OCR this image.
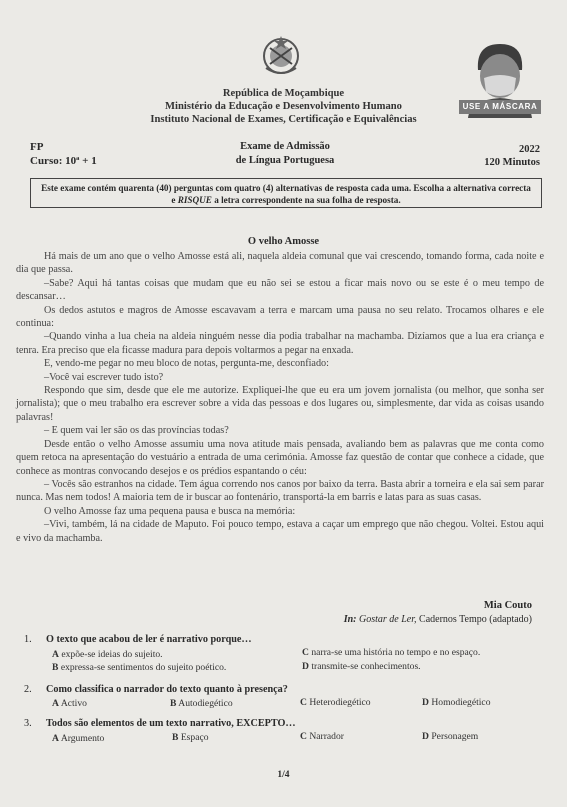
USE A MÁSCARA
República de Moçambique
Ministério da Educação e Desenvolvimento Humano
Instituto Nacional de Exames, Certificação e Equivalências
FP
Curso: 10ª + 1
Exame de Admissão
de Língua Portuguesa
2022
120 Minutos
Este exame contém quarenta (40) perguntas com quatro (4) alternativas de resposta cada uma. Escolha a alternativa correcta e RISQUE a letra correspondente na sua folha de resposta.
O velho Amosse

Há mais de um ano que o velho Amosse está ali, naquela aldeia comunal que vai crescendo, tomando forma, cada noite e dia que passa.

–Sabe? Aqui há tantas coisas que mudam que eu não sei se estou a ficar mais novo ou se este é o meu tempo de descansar…

Os dedos astutos e magros de Amosse escavavam a terra e marcam uma pausa no seu relato. Trocamos olhares e ele continua:

–Quando vinha a lua cheia na aldeia ninguém nesse dia podia trabalhar na machamba. Dizíamos que a lua era criança e tenra. Era preciso que ela ficasse madura para depois voltarmos a pegar na enxada.

E, vendo-me pegar no meu bloco de notas, pergunta-me, desconfiado:

–Você vai escrever tudo isto?

Respondo que sim, desde que ele me autorize. Expliquei-lhe que eu era um jovem jornalista (ou melhor, que sonha ser jornalista); que o meu trabalho era escrever sobre a vida das pessoas e dos lugares ou, simplesmente, dar vida as coisas usando palavras!

– E quem vai ler são os das províncias todas?

Desde então o velho Amosse assumiu uma nova atitude mais pensada, avaliando bem as palavras que me conta como quem retoca na apresentação do vestuário a entrada de uma cerimónia. Amosse faz questão de contar que conhece a cidade, que conhece as montras convocando desejos e os prédios espantando o céu:

– Vocês são estranhos na cidade. Tem água correndo nos canos por baixo da terra. Basta abrir a torneira e ela sai sem parar nunca. Mas nem todos! A maioria tem de ir buscar ao fontenário, transportá-la em barris e latas para as suas casas.

O velho Amosse faz uma pequena pausa e busca na memória:

–Vivi, também, lá na cidade de Maputo. Foi pouco tempo, estava a caçar um emprego que não chegou. Voltei. Estou aqui e vivo da machamba.

Mia Couto
In: Gostar de Ler, Cadernos Tempo (adaptado)
1. O texto que acabou de ler é narrativo porque…
A expõe-se ideias do sujeito.	C narra-se uma história no tempo e no espaço.
B expressa-se sentimentos do sujeito poético.	D transmite-se conhecimentos.
2. Como classifica o narrador do texto quanto à presença?
A Activo	B Autodiegético	C Heterodiegético	D Homodiegético
3. Todos são elementos de um texto narrativo, EXCEPTO…
A Argumento	B Espaço	C Narrador	D Personagem
1/4
